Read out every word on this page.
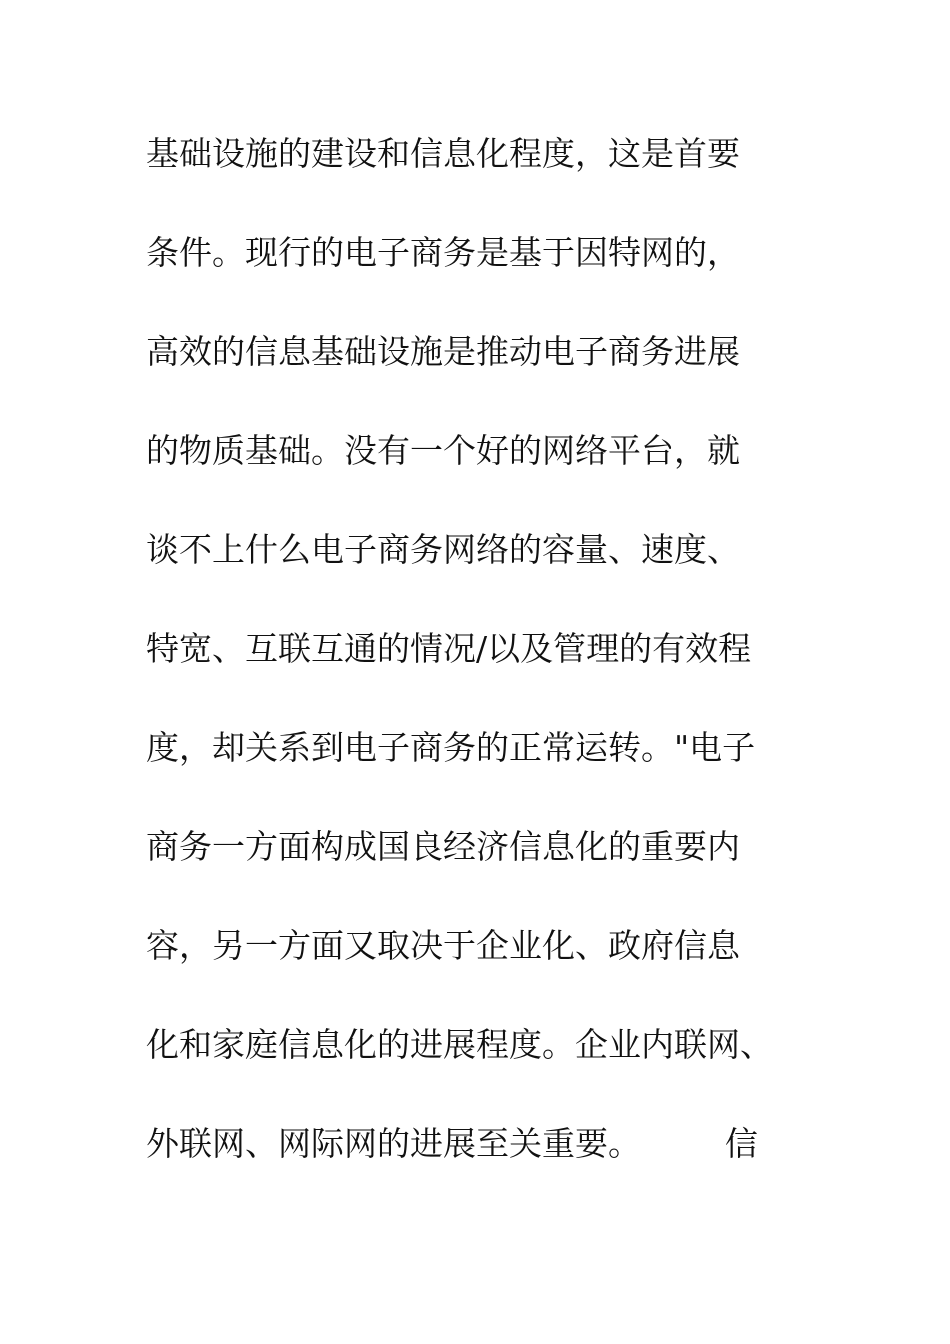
基础设施的建设和信息化程度，这是首要
条件。现行的电子商务是基于因特网的，
高效的信息基础设施是推动电子商务进展
的物质基础。没有一个好的网络平台，就
谈不上什么电子商务网络的容量、速度、
特宽、互联互通的情况/以及管理的有效程
度，却关系到电子商务的正常运转。"电子
商务一方面构成国良经济信息化的重要内
容，另一方面又取决于企业化、政府信息
化和家庭信息化的进展程度。企业内联网、
外联网、网际网的进展至关重要。        信
